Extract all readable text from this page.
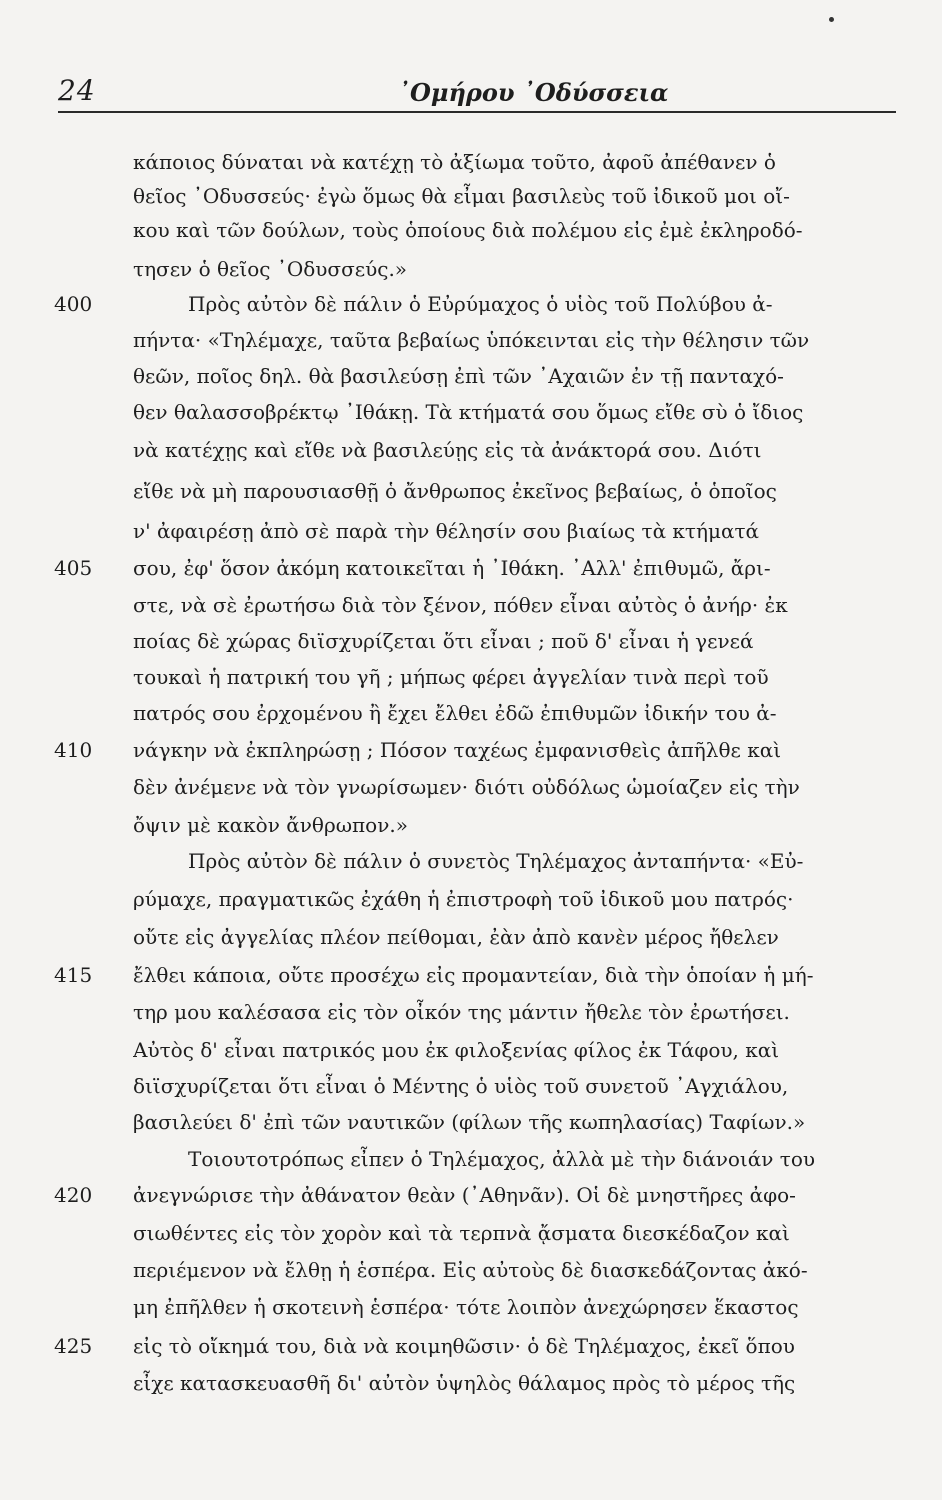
24	᾿Ομήρου ᾿Οδύσσεια
400
405
410
415
420
425
κάποιος δύναται νὰ κατέχῃ τὸ ἀξίωμα τοῦτο, ἀφοῦ ἀπέθανεν ὁ
θεῖος ᾿Οδυσσεύς· ἐγὼ ὅμως θὰ εἶμαι βασιλεὺς τοῦ ἰδικοῦ μοι οἴ-
κου καὶ τῶν δούλων, τοὺς ὁποίους διὰ πολέμου εἰς ἐμὲ ἐκληροδό-
τησεν ὁ θεῖος ᾿Οδυσσεύς.»
Πρὸς αὐτὸν δὲ πάλιν ὁ Εὐρύμαχος ὁ υἱὸς τοῦ Πολύβου ἀ-
πήντα· «Τηλέμαχε, ταῦτα βεβαίως ὑπόκεινται εἰς τὴν θέλησιν τῶν
θεῶν, ποῖος δηλ. θὰ βασιλεύσῃ ἐπὶ τῶν ᾿Αχαιῶν ἐν τῇ πανταχό-
θεν θαλασσοβρέκτῳ ᾿Ιθάκῃ. Τὰ κτήματά σου ὅμως εἴθε σὺ ὁ ἴδιος
νὰ κατέχῃς καὶ εἴθε νὰ βασιλεύῃς εἰς τὰ ἀνάκτορά σου. Διότι
εἴθε νὰ μὴ παρουσιασθῇ ὁ ἄνθρωπος ἐκεῖνος βεβαίως, ὁ ὁποῖος
ν' ἀφαιρέσῃ ἀπὸ σὲ παρὰ τὴν θέλησίν σου βιαίως τὰ κτήματά
σου, ἐφ' ὅσον ἀκόμη κατοικεῖται ἡ ᾿Ιθάκη. ᾿Αλλ' ἐπιθυμῶ, ἄρι-
στε, νὰ σὲ ἐρωτήσω διὰ τὸν ξένον, πόθεν εἶναι αὐτὸς ὁ ἀνήρ· ἐκ
ποίας δὲ χώρας διϊσχυρίζεται ὅτι εἶναι ; ποῦ δ' εἶναι ἡ γενεά
τουκαὶ ἡ πατρική του γῆ ; μήπως φέρει ἀγγελίαν τινὰ περὶ τοῦ
πατρός σου ἐρχομένου ἢ ἔχει ἔλθει ἐδῶ ἐπιθυμῶν ἰδικήν του ἀ-
νάγκην νὰ ἐκπληρώσῃ ; Πόσον ταχέως ἐμφανισθεὶς ἀπῆλθε καὶ
δὲν ἀνέμενε νὰ τὸν γνωρίσωμεν· διότι οὐδόλως ὡμοίαζεν εἰς τὴν
ὄψιν μὲ κακὸν ἄνθρωπον.»
Πρὸς αὐτὸν δὲ πάλιν ὁ συνετὸς Τηλέμαχος ἀνταπήντα· «Εὐ-
ρύμαχε, πραγματικῶς ἐχάθη ἡ ἐπιστροφὴ τοῦ ἰδικοῦ μου πατρός·
οὔτε εἰς ἀγγελίας πλέον πείθομαι, ἐὰν ἀπὸ κανὲν μέρος ἤθελεν
ἔλθει κάποια, οὔτε προσέχω εἰς προμαντείαν, διὰ τὴν ὁποίαν ἡ μή-
τηρ μου καλέσασα εἰς τὸν οἶκόν της μάντιν ἤθελε τὸν ἐρωτήσει.
Αὐτὸς δ' εἶναι πατρικός μου ἐκ φιλοξενίας φίλος ἐκ Τάφου, καὶ
διϊσχυρίζεται ὅτι εἶναι ὁ Μέντης ὁ υἱὸς τοῦ συνετοῦ ᾿Αγχιάλου,
βασιλεύει δ' ἐπὶ τῶν ναυτικῶν (φίλων τῆς κωπηλασίας) Ταφίων.»
Τοιουτοτρόπως εἶπεν ὁ Τηλέμαχος, ἀλλὰ μὲ τὴν διάνοιάν του
ἀνεγνώρισε τὴν ἀθάνατον θεὰν (᾿Αθηνᾶν). Οἱ δὲ μνηστῆρες ἀφο-
σιωθέντες εἰς τὸν χορὸν καὶ τὰ τερπνὰ ᾄσματα διεσκέδαζον καὶ
περιέμενον νὰ ἔλθῃ ἡ ἑσπέρα. Εἰς αὐτοὺς δὲ διασκεδάζοντας ἀκό-
μη ἐπῆλθεν ἡ σκοτεινὴ ἑσπέρα· τότε λοιπὸν ἀνεχώρησεν ἕκαστος
εἰς τὸ οἴκημά του, διὰ νὰ κοιμηθῶσιν· ὁ δὲ Τηλέμαχος, ἐκεῖ ὅπου
εἶχε κατασκευασθῆ δι' αὐτὸν ὑψηλὸς θάλαμος πρὸς τὸ μέρος τῆς
